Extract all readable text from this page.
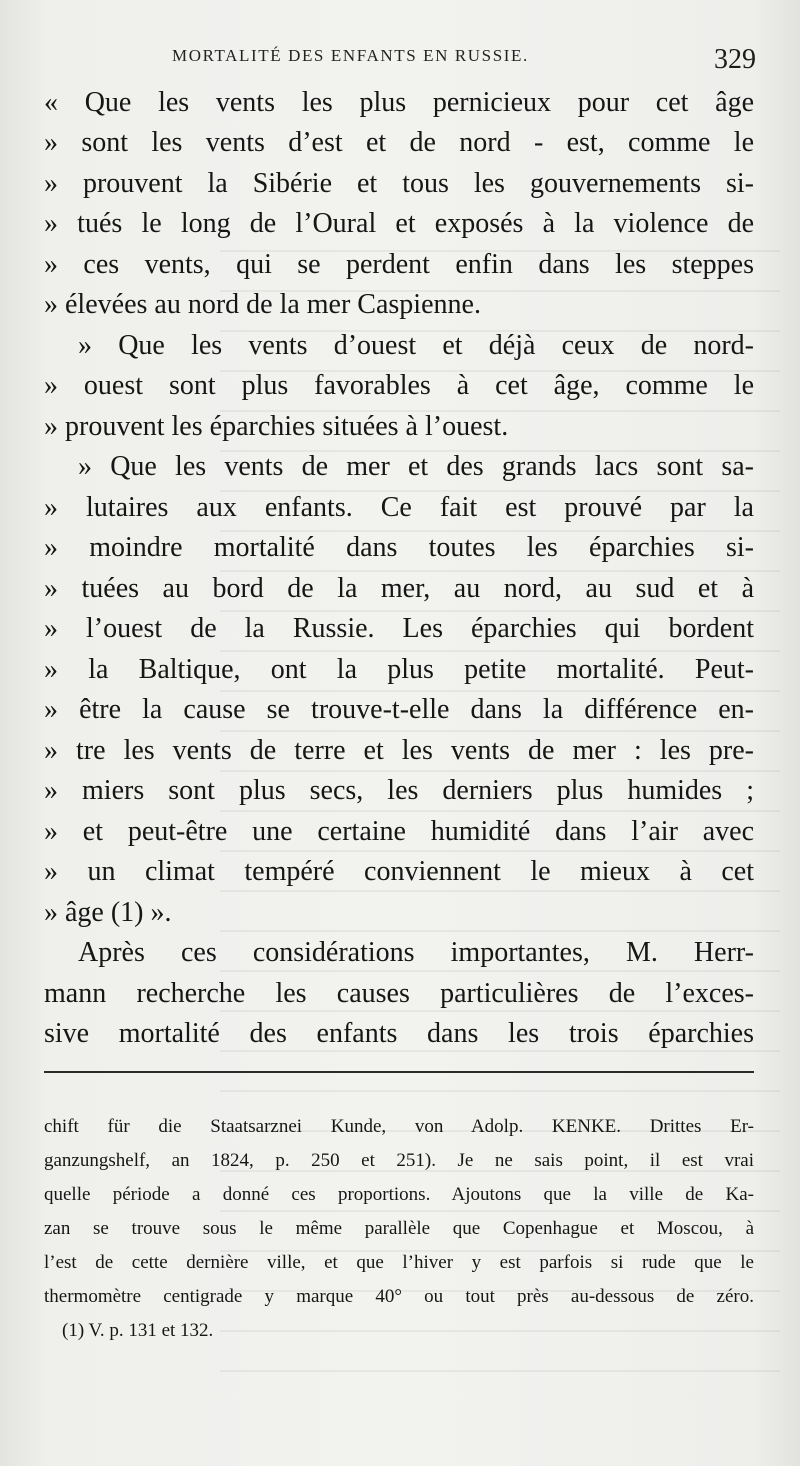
MORTALITÉ DES ENFANTS EN RUSSIE.	329
« Que les vents les plus pernicieux pour cet âge
» sont les vents d’est et de nord - est, comme le
» prouvent la Sibérie et tous les gouvernements si-
» tués le long de l’Oural et exposés à la violence de
» ces vents, qui se perdent enfin dans les steppes
» élevées au nord de la mer Caspienne.
» Que les vents d’ouest et déjà ceux de nord-
» ouest sont plus favorables à cet âge, comme le
» prouvent les éparchies situées à l’ouest.
» Que les vents de mer et des grands lacs sont sa-
» lutaires aux enfants. Ce fait est prouvé par la
» moindre mortalité dans toutes les éparchies si-
» tuées au bord de la mer, au nord, au sud et à
» l’ouest de la Russie. Les éparchies qui bordent
» la Baltique, ont la plus petite mortalité. Peut-
» être la cause se trouve-t-elle dans la différence en-
» tre les vents de terre et les vents de mer : les pre-
» miers sont plus secs, les derniers plus humides ;
» et peut-être une certaine humidité dans l’air avec
» un climat tempéré conviennent le mieux à cet
» âge (1) ».
Après ces considérations importantes, M. Herr-
mann recherche les causes particulières de l’exces-
sive mortalité des enfants dans les trois éparchies
chift für die Staatsarznei Kunde, von Adolp. KENKE. Drittes Er-
ganzungshelf, an 1824, p. 250 et 251). Je ne sais point, il est vrai
quelle période a donné ces proportions. Ajoutons que la ville de Ka-
zan se trouve sous le même parallèle que Copenhague et Moscou, à
l’est de cette dernière ville, et que l’hiver y est parfois si rude que le
thermomètre centigrade y marque 40° ou tout près au-dessous de zéro.
(1) V. p. 131 et 132.
